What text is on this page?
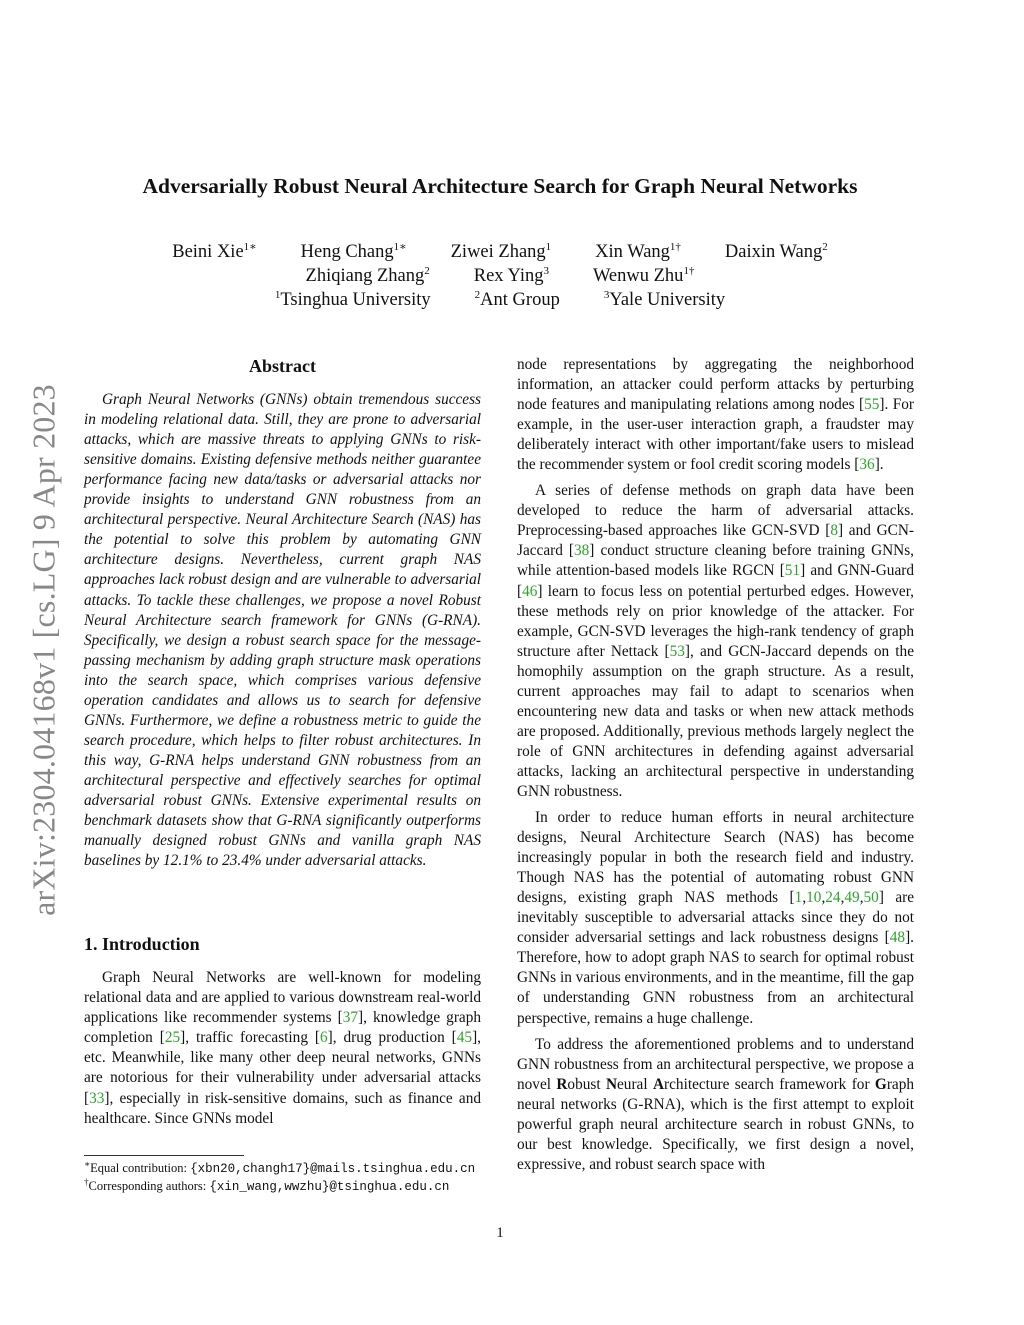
arXiv:2304.04168v1 [cs.LG] 9 Apr 2023
Adversarially Robust Neural Architecture Search for Graph Neural Networks
Beini Xie$^{1∗}$ Heng Chang$^{1∗}$ Ziwei Zhang$^1$ Xin Wang$^{1\dagger}$ Daixin Wang$^2$
Zhiqiang Zhang$^2$ Rex Ying$^3$ Wenwu Zhu$^{1\dagger}$
$^1$Tsinghua University	$^2$Ant Group	$^3$Yale University
Abstract

Graph Neural Networks (GNNs) obtain tremendous success in modeling relational data. Still, they are prone to adversarial attacks, which are massive threats to applying GNNs to risk-sensitive domains. Existing defensive methods neither guarantee performance facing new data/tasks or adversarial attacks nor provide insights to understand GNN robustness from an architectural perspective. Neural Architecture Search (NAS) has the potential to solve this problem by automating GNN architecture designs. Nevertheless, current graph NAS approaches lack robust design and are vulnerable to adversarial attacks. To tackle these challenges, we propose a novel Robust Neural Architecture search framework for GNNs (G-RNA). Specifically, we design a robust search space for the message-passing mechanism by adding graph structure mask operations into the search space, which comprises various defensive operation candidates and allows us to search for defensive GNNs. Furthermore, we define a robustness metric to guide the search procedure, which helps to filter robust architectures. In this way, G-RNA helps understand GNN robustness from an architectural perspective and effectively searches for optimal adversarial robust GNNs. Extensive experimental results on benchmark datasets show that G-RNA significantly outperforms manually designed robust GNNs and vanilla graph NAS baselines by 12.1% to 23.4% under adversarial attacks.

1. Introduction

Graph Neural Networks are well-known for modeling relational data and are applied to various downstream real-world applications like recommender systems [37], knowledge graph completion [25], traffic forecasting [6], drug production [45], etc. Meanwhile, like many other deep neural networks, GNNs are notorious for their vulnerability under adversarial attacks [33], especially in risk-sensitive domains, such as finance and healthcare. Since GNNs model

node representations by aggregating the neighborhood information, an attacker could perform attacks by perturbing node features and manipulating relations among nodes [55]. For example, in the user-user interaction graph, a fraudster may deliberately interact with other important/fake users to mislead the recommender system or fool credit scoring models [36].

A series of defense methods on graph data have been developed to reduce the harm of adversarial attacks. Preprocessing-based approaches like GCN-SVD [8] and GCN-Jaccard [38] conduct structure cleaning before training GNNs, while attention-based models like RGCN [51] and GNN-Guard [46] learn to focus less on potential perturbed edges. However, these methods rely on prior knowledge of the attacker. For example, GCN-SVD leverages the high-rank tendency of graph structure after Nettack [53], and GCN-Jaccard depends on the homophily assumption on the graph structure. As a result, current approaches may fail to adapt to scenarios when encountering new data and tasks or when new attack methods are proposed. Additionally, previous methods largely neglect the role of GNN architectures in defending against adversarial attacks, lacking an architectural perspective in understanding GNN robustness.

In order to reduce human efforts in neural architecture designs, Neural Architecture Search (NAS) has become increasingly popular in both the research field and industry. Though NAS has the potential of automating robust GNN designs, existing graph NAS methods [1,10,24,49,50] are inevitably susceptible to adversarial attacks since they do not consider adversarial settings and lack robustness designs [48]. Therefore, how to adopt graph NAS to search for optimal robust GNNs in various environments, and in the meantime, fill the gap of understanding GNN robustness from an architectural perspective, remains a huge challenge.

To address the aforementioned problems and to understand GNN robustness from an architectural perspective, we propose a novel Robust Neural Architecture search framework for Graph neural networks (G-RNA), which is the first attempt to exploit powerful graph neural architecture search in robust GNNs, to our best knowledge. Specifically, we first design a novel, expressive, and robust search space with

∗Equal contribution: {xbn20,changh17}@mails.tsinghua.edu.cn
†Corresponding authors: {xin_wang,wwzhu}@tsinghua.edu.cn
1
